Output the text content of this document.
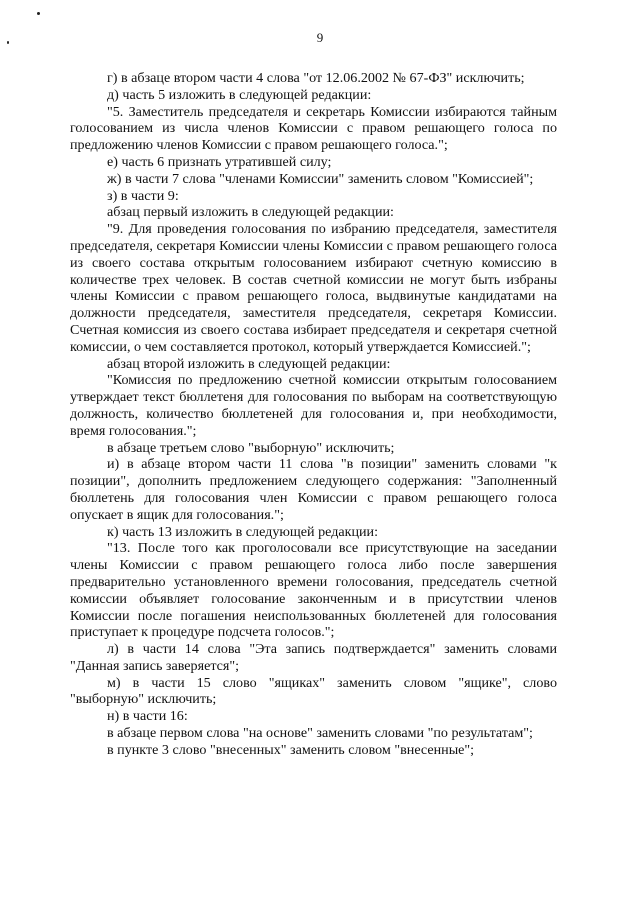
9

г) в абзаце втором части 4 слова "от 12.06.2002 № 67-ФЗ" исключить;

д) часть 5 изложить в следующей редакции:

"5. Заместитель председателя и секретарь Комиссии избираются тайным голосованием из числа членов Комиссии с правом решающего голоса по предложению членов Комиссии с правом решающего голоса.";

е) часть 6 признать утратившей силу;

ж) в части 7 слова "членами Комиссии" заменить словом "Комиссией";

з) в части 9:

абзац первый изложить в следующей редакции:

"9. Для проведения голосования по избранию председателя, заместителя председателя, секретаря Комиссии члены Комиссии с правом решающего голоса из своего состава открытым голосованием избирают счетную комиссию в количестве трех человек. В состав счетной комиссии не могут быть избраны члены Комиссии с правом решающего голоса, выдвинутые кандидатами на должности председателя, заместителя председателя, секретаря Комиссии. Счетная комиссия из своего состава избирает председателя и секретаря счетной комиссии, о чем составляется протокол, который утверждается Комиссией.";

абзац второй изложить в следующей редакции:

"Комиссия по предложению счетной комиссии открытым голосованием утверждает текст бюллетеня для голосования по выборам на соответствующую должность, количество бюллетеней для голосования и, при необходимости, время голосования.";

в абзаце третьем слово "выборную" исключить;

и) в абзаце втором части 11 слова "в позиции" заменить словами "к позиции", дополнить предложением следующего содержания: "Заполненный бюллетень для голосования член Комиссии с правом решающего голоса опускает в ящик для голосования.";

к) часть 13 изложить в следующей редакции:

"13. После того как проголосовали все присутствующие на заседании члены Комиссии с правом решающего голоса либо после завершения предварительно установленного времени голосования, председатель счетной комиссии объявляет голосование законченным и в присутствии членов Комиссии после погашения неиспользованных бюллетеней для голосования приступает к процедуре подсчета голосов.";

л) в части 14 слова "Эта запись подтверждается" заменить словами "Данная запись заверяется";

м) в части 15 слово "ящиках" заменить словом "ящике", слово "выборную" исключить;

н) в части 16:

в абзаце первом слова "на основе" заменить словами "по результатам";

в пункте 3 слово "внесенных" заменить словом "внесенные";
